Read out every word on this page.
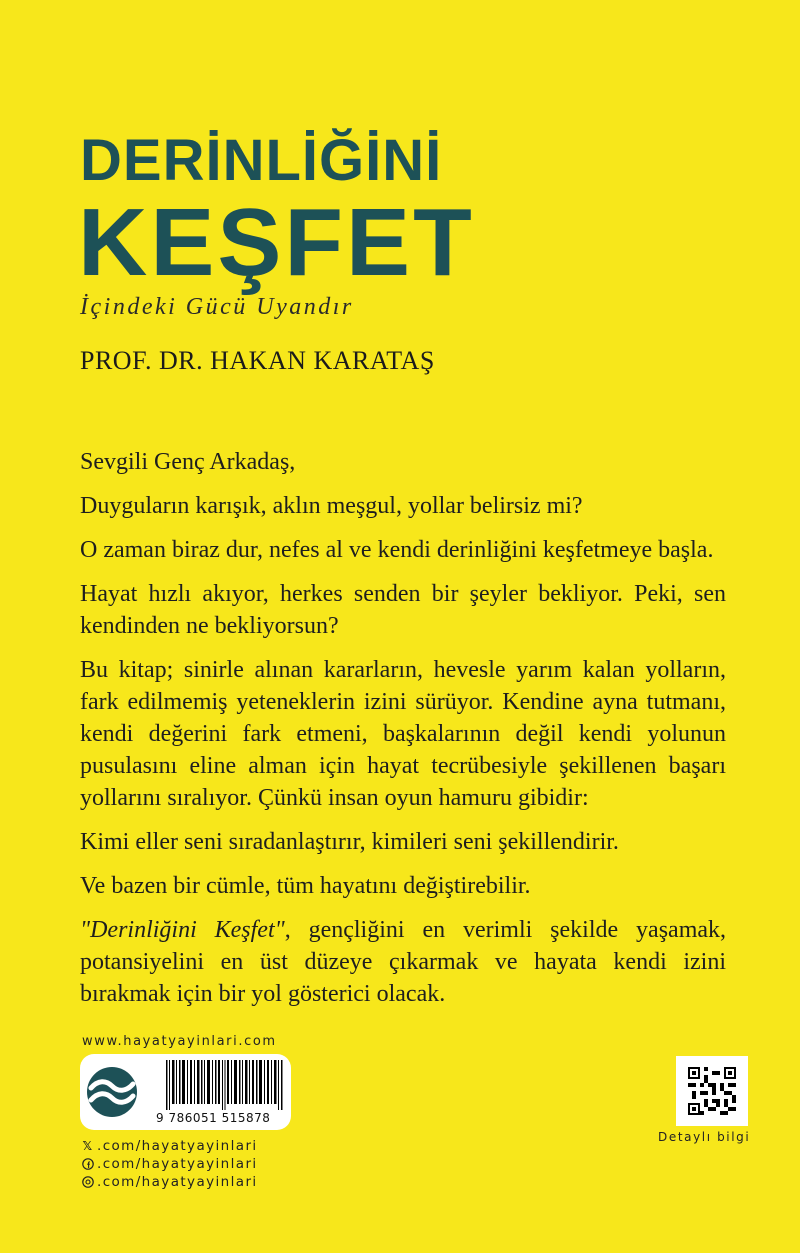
DERİNLİĞİNİ
KEŞFET
İçindeki Gücü Uyandır
PROF. DR. HAKAN KARATAŞ

Sevgili Genç Arkadaş,

Duyguların karışık, aklın meşgul, yollar belirsiz mi?

O zaman biraz dur, nefes al ve kendi derinliğini keşfetmeye başla.

Hayat hızlı akıyor, herkes senden bir şeyler bekliyor. Peki, sen kendinden ne bekliyorsun?

Bu kitap; sinirle alınan kararların, hevesle yarım kalan yolların, fark edilmemiş yeteneklerin izini sürüyor. Kendine ayna tutmanı, kendi değerini fark etmeni, başkalarının değil kendi yolunun pusulasını eline alman için hayat tecrübesiyle şekillenen başarı yollarını sıralıyor. Çünkü insan oyun hamuru gibidir:

Kimi eller seni sıradanlaştırır, kimileri seni şekillendirir.

Ve bazen bir cümle, tüm hayatını değiştirebilir.

"Derinliğini Keşfet", gençliğini en verimli şekilde yaşamak, potansiyelini en üst düzeye çıkarmak ve hayata kendi izini bırakmak için bir yol gösterici olacak.

www.hayatyayinlari.com
9 786051 515878
𝕏 .com/hayatyayinlari
.com/hayatyayinlari
.com/hayatyayinlari
Detaylı bilgi
